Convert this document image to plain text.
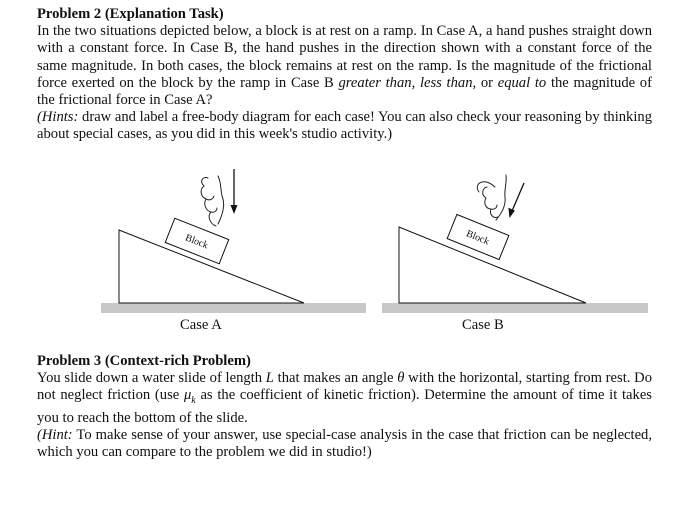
Problem 2 (Explanation Task)
In the two situations depicted below, a block is at rest on a ramp. In Case A, a hand pushes straight down with a constant force. In Case B, the hand pushes in the direction shown with a constant force of the same magnitude. In both cases, the block remains at rest on the ramp. Is the magnitude of the frictional force exerted on the block by the ramp in Case B greater than, less than, or equal to the magnitude of the frictional force in Case A?
(Hints: draw and label a free-body diagram for each case! You can also check your reasoning by thinking about special cases, as you did in this week's studio activity.)
Block	Block
Case A	Case B
Problem 3 (Context-rich Problem)
You slide down a water slide of length L that makes an angle θ with the horizontal, starting from rest. Do not neglect friction (use $\mu_k$ as the coefficient of kinetic friction). Determine the amount of time it takes you to reach the bottom of the slide.
(Hint: To make sense of your answer, use special-case analysis in the case that friction can be neglected, which you can compare to the problem we did in studio!)
